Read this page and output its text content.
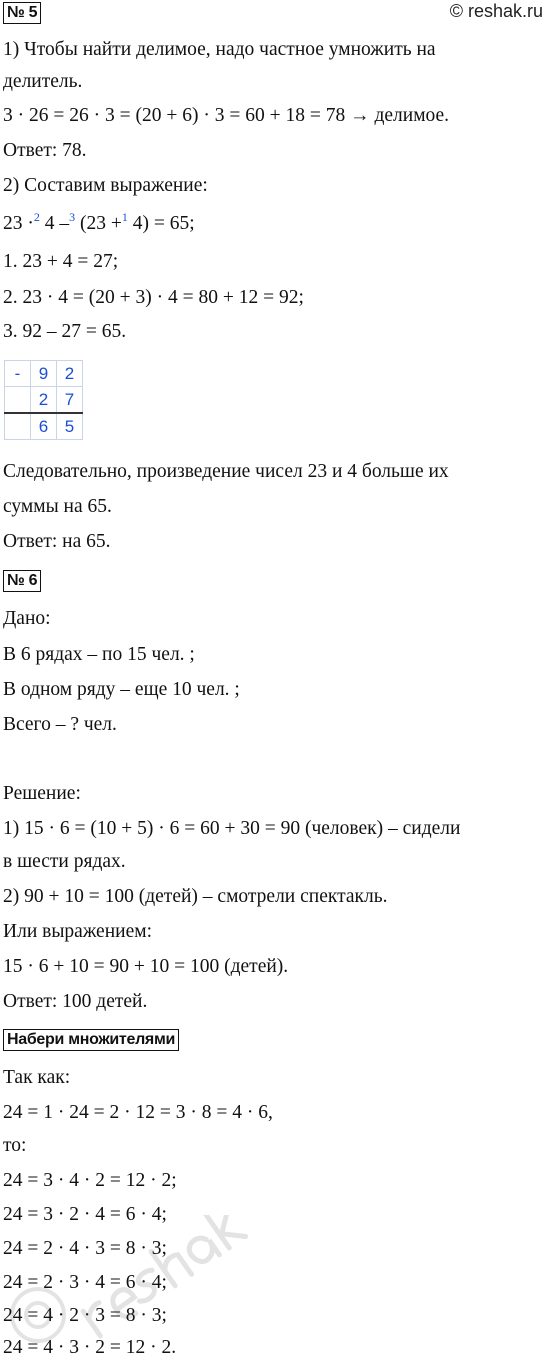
№ 5	© reshak.ru
1) Чтобы найти делимое, надо частное умножить на
делитель.
3 · 26 = 26 · 3 = (20 + 6) · 3 = 60 + 18 = 78 → делимое.
Ответ: 78.
2) Составим выражение:
23 ·$^2$ 4 –$^3$ (23 +$^1$ 4) = 65;
1. 23 + 4 = 27;
2. 23 · 4 = (20 + 3) · 4 = 80 + 12 = 92;
3. 92 – 27 = 65.
-	9	2
	2	7
	6	5
Следовательно, произведение чисел 23 и 4 больше их
суммы на 65.
Ответ: на 65.
№ 6
Дано:
В 6 рядах – по 15 чел. ;
В одном ряду – еще 10 чел. ;
Всего – ? чел.
Решение:
1) 15 · 6 = (10 + 5) · 6 = 60 + 30 = 90 (человек) – сидели
в шести рядах.
2) 90 + 10 = 100 (детей) – смотрели спектакль.
Или выражением:
15 · 6 + 10 = 90 + 10 = 100 (детей).
Ответ: 100 детей.
Набери множителями
Так как:
24 = 1 · 24 = 2 · 12 = 3 · 8 = 4 · 6,
то:
24 = 3 · 4 · 2 = 12 · 2;
24 = 3 · 2 · 4 = 6 · 4;
24 = 2 · 4 · 3 = 8 · 3;
24 = 2 · 3 · 4 = 6 · 4;
24 = 4 · 2 · 3 = 8 · 3;
24 = 4 · 3 · 2 = 12 · 2.
